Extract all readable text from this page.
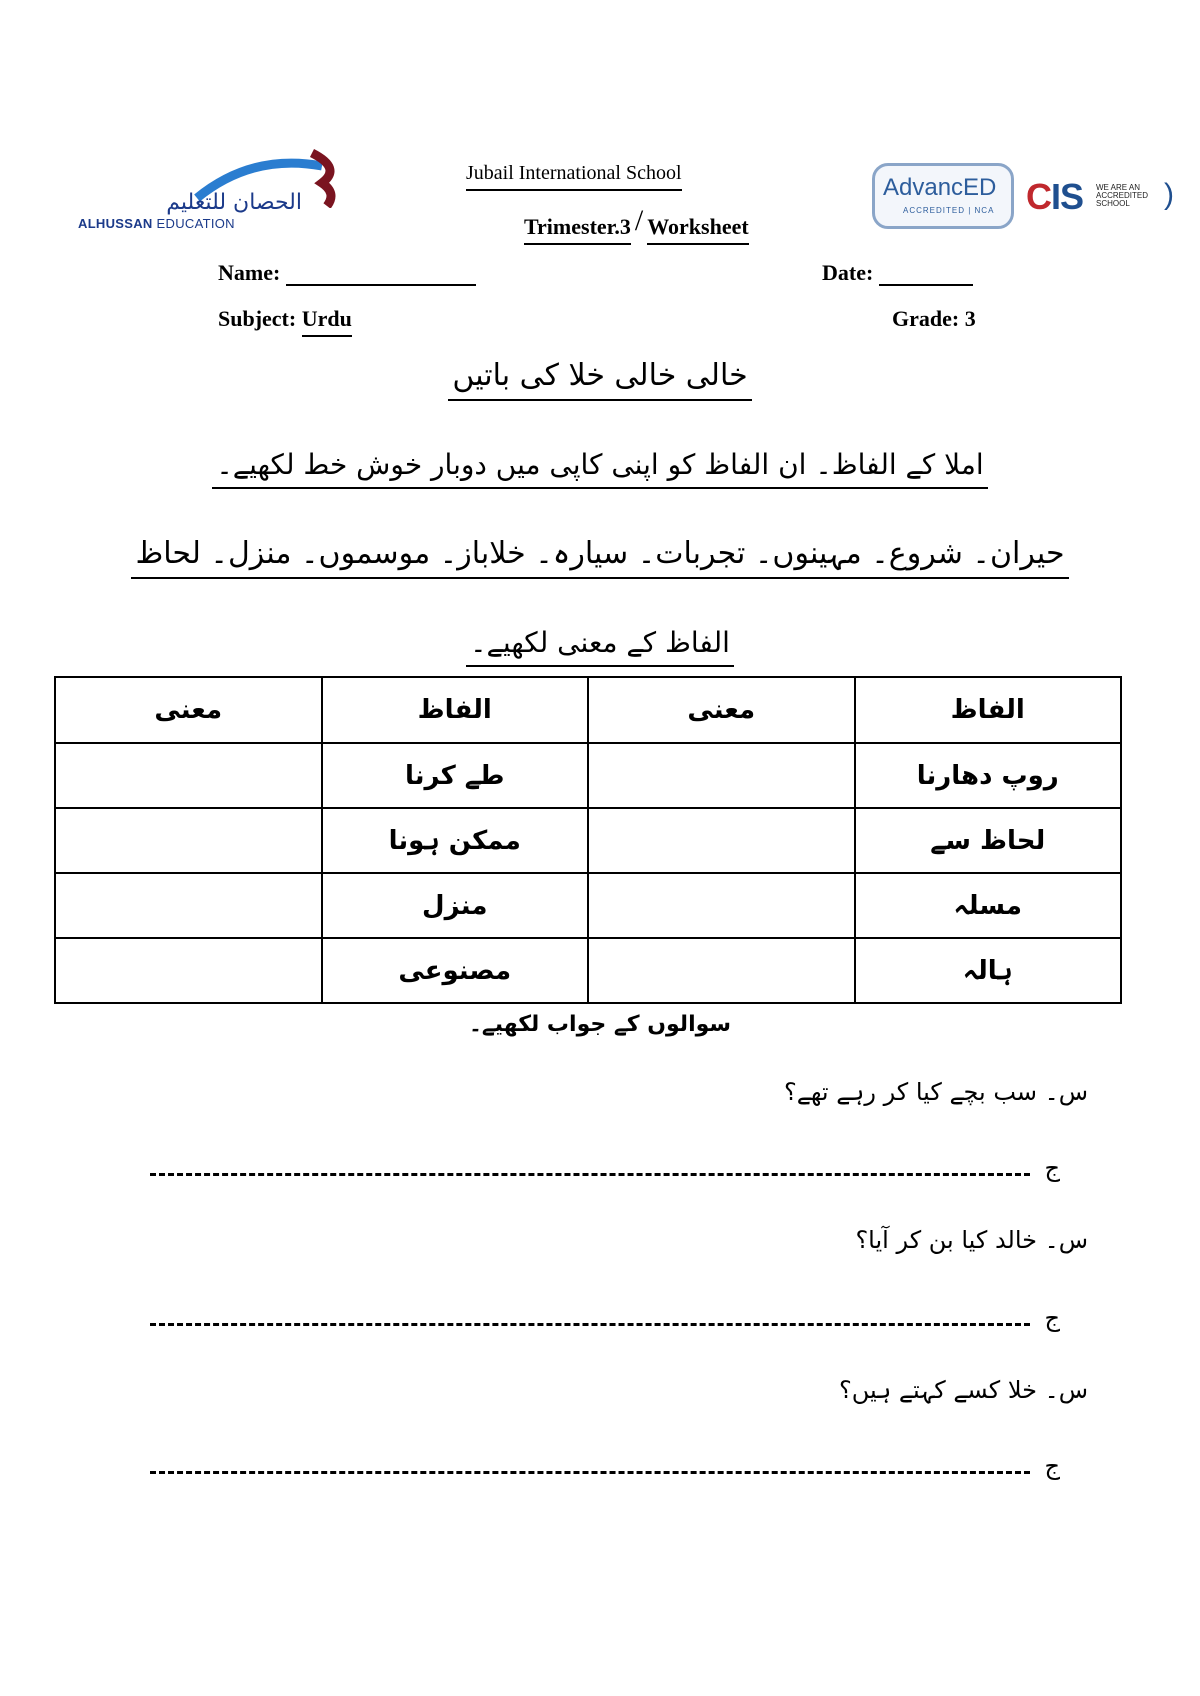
الحصان للتعليم
ALHUSSAN EDUCATION
Jubail International School
Trimester.3 / Worksheet
AdvancED
ACCREDITED | NCA CIS WE ARE AN
ACCREDITED
SCHOOL	)
Name:	Date:
Subject: Urdu	Grade: 3
خالی خالی خلا کی باتیں
املا کے الفاظ۔ ان الفاظ کو اپنی کاپی میں دوبار خوش خط لکھیے۔
حیران۔ شروع۔ مہینوں۔ تجربات۔ سیارہ۔ خلاباز۔ موسموں۔ منزل۔ لحاظ
الفاظ کے معنی لکھیے۔
معنی	الفاظ	معنی	الفاظ
	طے کرنا		روپ دھارنا
	ممکن ہونا		لحاظ سے
	منزل		مسلہ
	مصنوعی		ہالہ
سوالوں کے جواب لکھیے۔
س۔ سب بچے کیا کر رہے تھے؟
ج
س۔ خالد کیا بن کر آیا؟
ج
س۔ خلا کسے کہتے ہیں؟
ج
